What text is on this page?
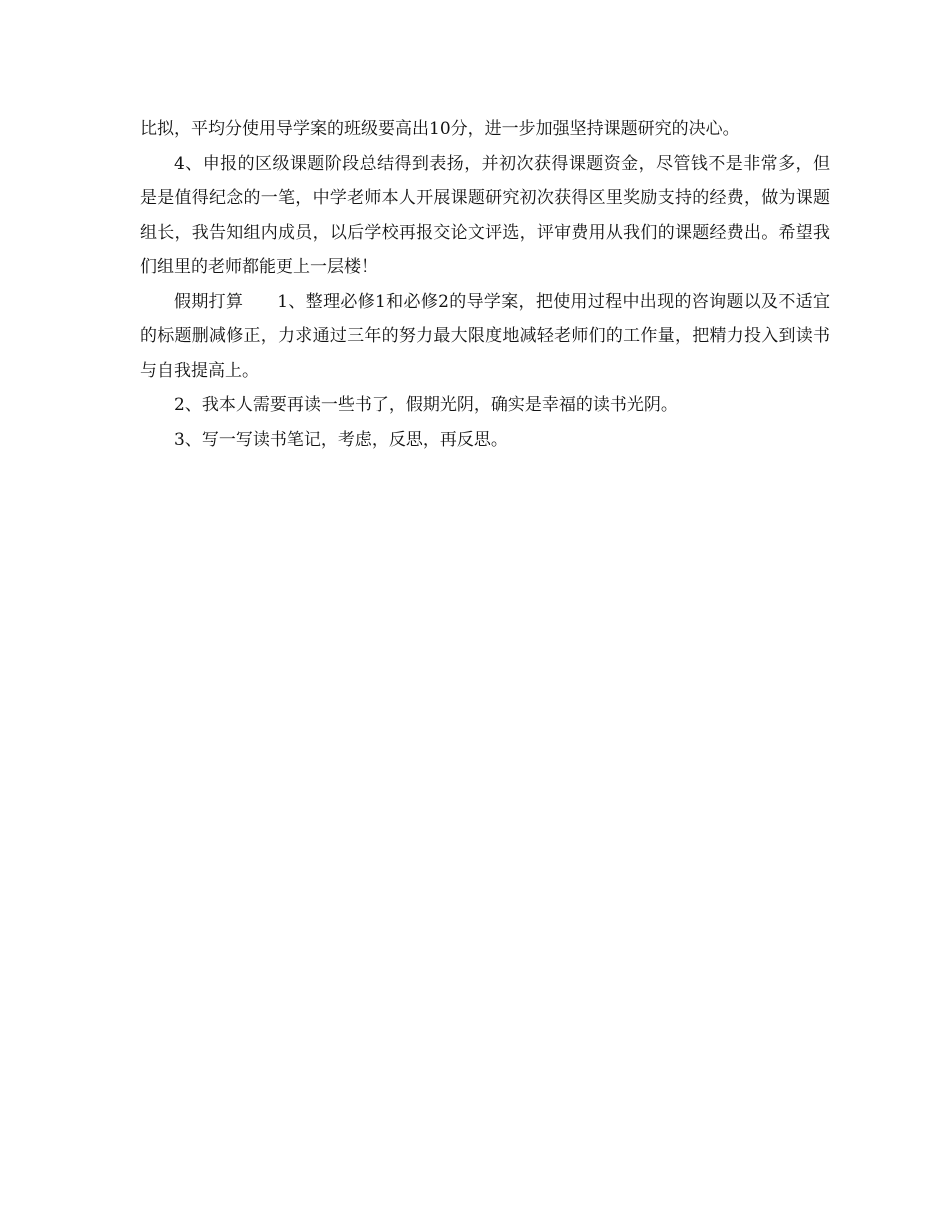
比拟，平均分使用导学案的班级要高出10分，进一步加强坚持课题研究的决心。

4、申报的区级课题阶段总结得到表扬，并初次获得课题资金，尽管钱不是非常多，但是是值得纪念的一笔，中学老师本人开展课题研究初次获得区里奖励支持的经费，做为课题组长，我告知组内成员，以后学校再报交论文评选，评审费用从我们的课题经费出。希望我们组里的老师都能更上一层楼！

假期打算 1、整理必修1和必修2的导学案，把使用过程中出现的咨询题以及不适宜的标题删减修正，力求通过三年的努力最大限度地减轻老师们的工作量，把精力投入到读书与自我提高上。

2、我本人需要再读一些书了，假期光阴，确实是幸福的读书光阴。

3、写一写读书笔记，考虑，反思，再反思。
